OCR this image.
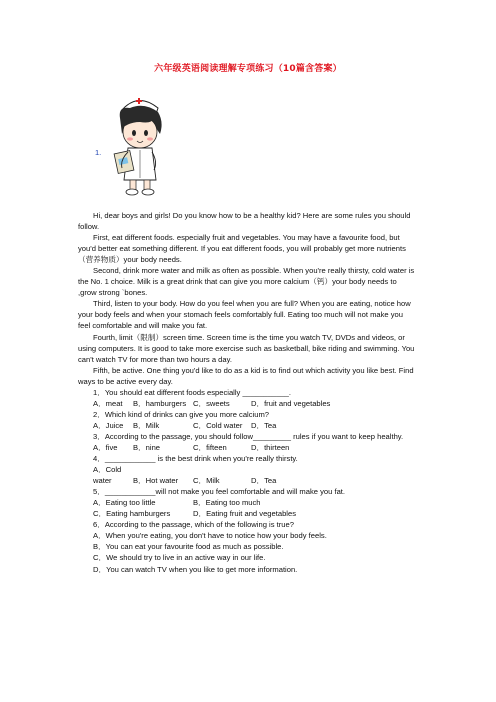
六年级英语阅读理解专项练习（10篇含答案）
1.

Hi, dear boys and girls! Do you know how to be a healthy kid? Here are some rules you should follow.

First, eat different foods. especially fruit and vegetables. You may have a favourite food, but you'd better eat something different. If you eat different foods, you will probably get more nutrients（营养物质）your body needs.

Second, drink more water and milk as often as possible. When you're really thirsty, cold water is the No. 1 choice. Milk is a great drink that can give you more calcium（钙）your body needs to ,grow strong `bones.

Third, listen to your body. How do you feel when you are full? When you are eating, notice how your body feels and when your stomach feels comfortably full. Eating too much will not make you feel comfortable and will make you fat.

Fourth, limit（限制）screen time. Screen time is the time you watch TV, DVDs and videos, or using computers. It is good to take more exercise such as basketball, bike riding and swimming. You can't watch TV for more than two hours a day.

Fifth, be active. One thing you'd like to do as a kid is to find out which activity you like best. Find ways to be active every day.

1．You should eat different foods especially ___________.

A．meat B．hamburgers C．sweets	D．fruit and vegetables

2．Which kind of drinks can give you more calcium?

A．Juice B．Milk	C．Cold water D．Tea

3．According to the passage, you should follow_________ rules if you want to keep healthy.

A．five B．nine	C．fifteen	D．thirteen

4．____________ is the best drink when you're really thirsty.

A．Cold water	B．Hot water C．Milk	D．Tea

5．____________will not make you feel comfortable and will make you fat.

A．Eating too little	B．Eating too much

C．Eating hamburgers	D．Eating fruit and vegetables

6．According to the passage, which of the following is true?

A．When you're eating, you don't have to notice how your body feels.

B．You can eat your favourite food as much as possible.

C．We should try to live in an active way in our life.

D．You can watch TV when you like to get more information.
